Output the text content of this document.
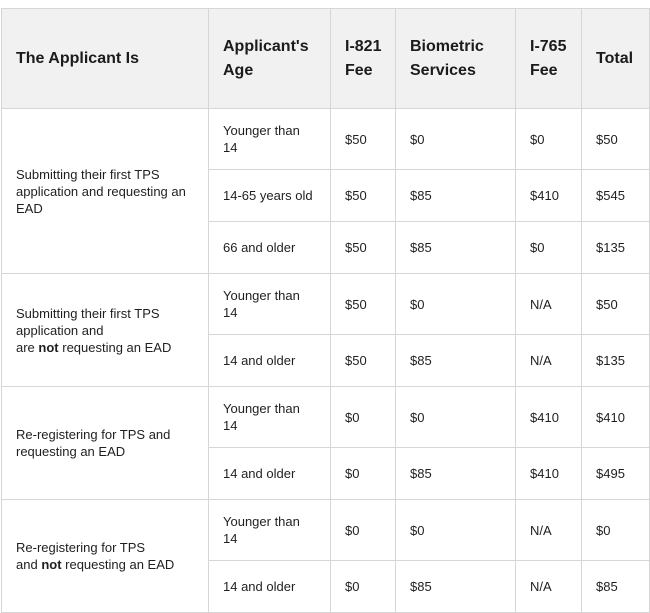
The Applicant Is	Applicant's Age	I-821 Fee	Biometric Services	I-765 Fee	Total
Submitting their first TPS application and requesting an EAD	Younger than 14	$50	$0	$0	$50
	14-65 years old	$50	$85	$410	$545
	66 and older	$50	$85	$0	$135
Submitting their first TPS application and
are not requesting an EAD	Younger than 14	$50	$0	N/A	$50
	14 and older	$50	$85	N/A	$135
Re-registering for TPS and requesting an EAD	Younger than 14	$0	$0	$410	$410
	14 and older	$0	$85	$410	$495
Re-registering for TPS
and not requesting an EAD	Younger than 14	$0	$0	N/A	$0
	14 and older	$0	$85	N/A	$85
